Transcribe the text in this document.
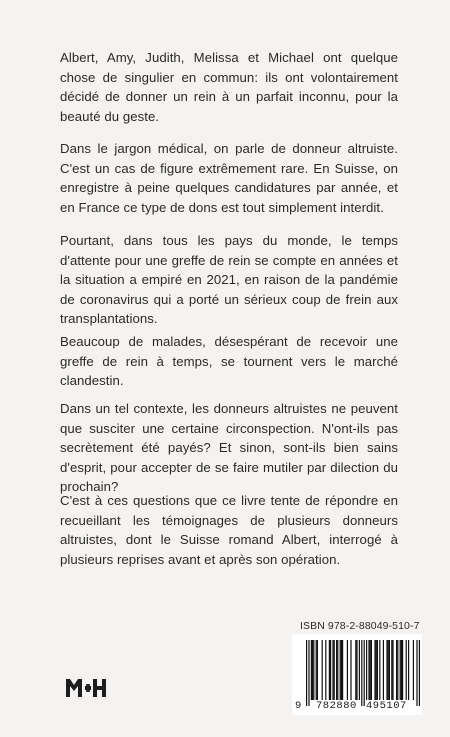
Albert, Amy, Judith, Melissa et Michael ont quelque chose de singulier en commun: ils ont volontairement décidé de donner un rein à un parfait inconnu, pour la beauté du geste.

Dans le jargon médical, on parle de donneur altruiste. C'est un cas de figure extrêmement rare. En Suisse, on enregistre à peine quelques candidatures par année, et en France ce type de dons est tout simplement interdit.

Pourtant, dans tous les pays du monde, le temps d'attente pour une greffe de rein se compte en années et la situation a empiré en 2021, en raison de la pandémie de coronavirus qui a porté un sérieux coup de frein aux transplantations.

Beaucoup de malades, désespérant de recevoir une greffe de rein à temps, se tournent vers le marché clandestin.

Dans un tel contexte, les donneurs altruistes ne peuvent que susciter une certaine circonspection. N'ont-ils pas secrètement été payés? Et sinon, sont-ils bien sains d'esprit, pour accepter de se faire mutiler par dilection du prochain?

C'est à ces questions que ce livre tente de répondre en recueillant les témoignages de plusieurs donneurs altruistes, dont le Suisse romand Albert, interrogé à plusieurs reprises avant et après son opération.

ISBN 978-2-88049-510-7
9 782880 495107
